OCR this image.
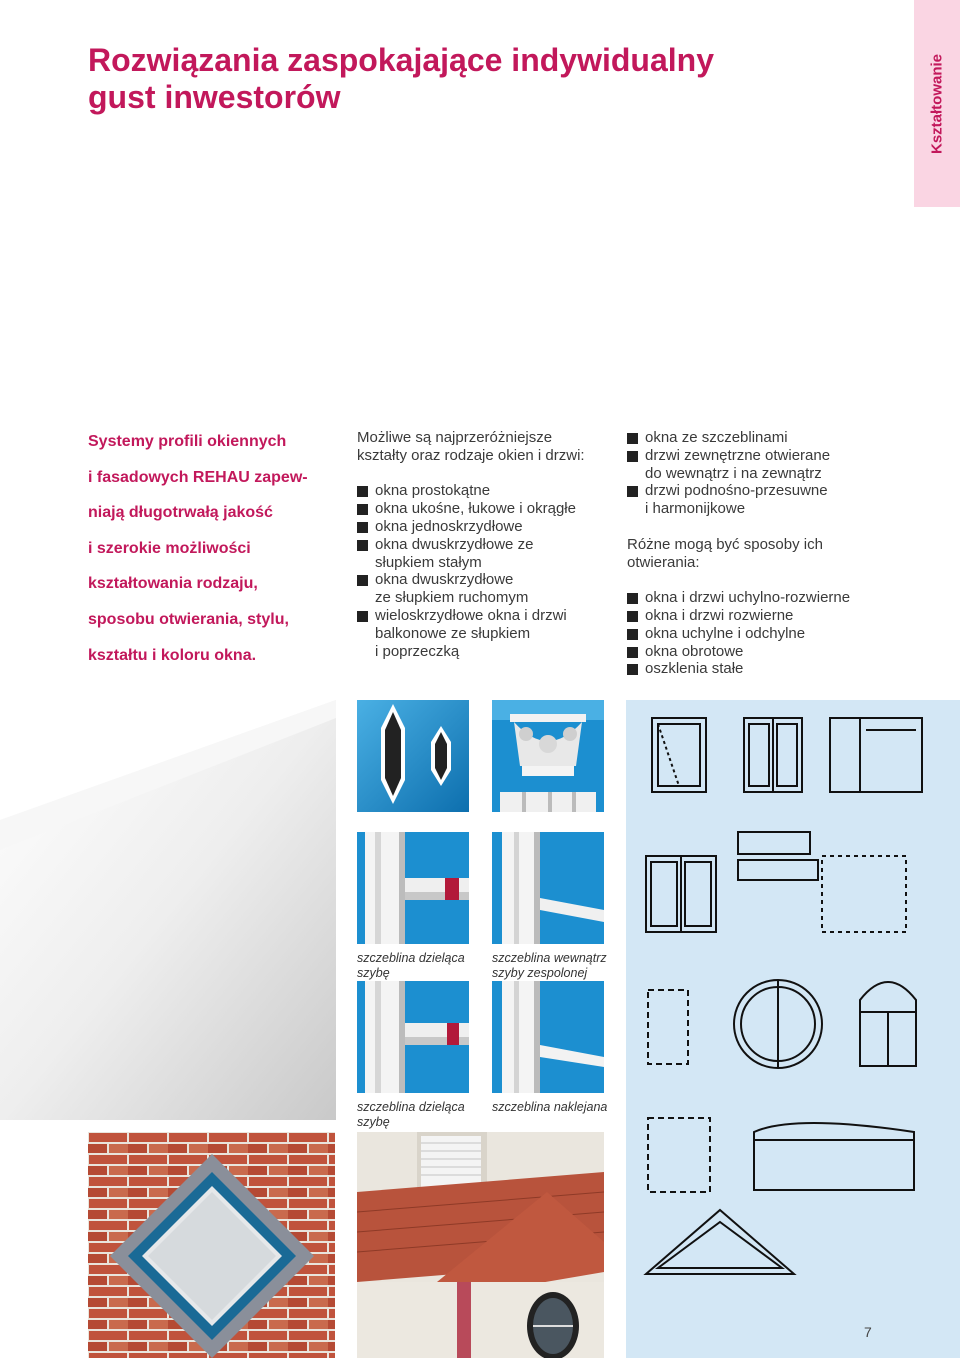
Rozwiązania zaspokajające indywidualny
gust inwestorów	Kształtowanie
Systemy profili okiennych
i fasadowych REHAU zapew-
niają długotrwałą jakość
i szerokie możliwości
kształtowania rodzaju,
sposobu otwierania, stylu,
kształtu i koloru okna.
Możliwe są najprzeróżniejsze
kształty oraz rodzaje okien i drzwi:
okna prostokątne
okna ukośne, łukowe i okrągłe
okna jednoskrzydłowe
okna dwuskrzydłowe ze
słupkiem stałym
okna dwuskrzydłowe
ze słupkiem ruchomym
wieloskrzydłowe okna i drzwi
balkonowe ze słupkiem
i poprzeczką
okna ze szczeblinami
drzwi zewnętrzne otwierane
do wewnątrz i na zewnątrz
drzwi podnośno-przesuwne
i harmonijkowe
Różne mogą być sposoby ich
otwierania:
okna i drzwi uchylno-rozwierne
okna i drzwi rozwierne
okna uchylne i odchylne
okna obrotowe
oszklenia stałe
szczeblina dzieląca
szybę
szczeblina wewnątrz
szyby zespolonej
szczeblina dzieląca
szybę
szczeblina naklejana
7
